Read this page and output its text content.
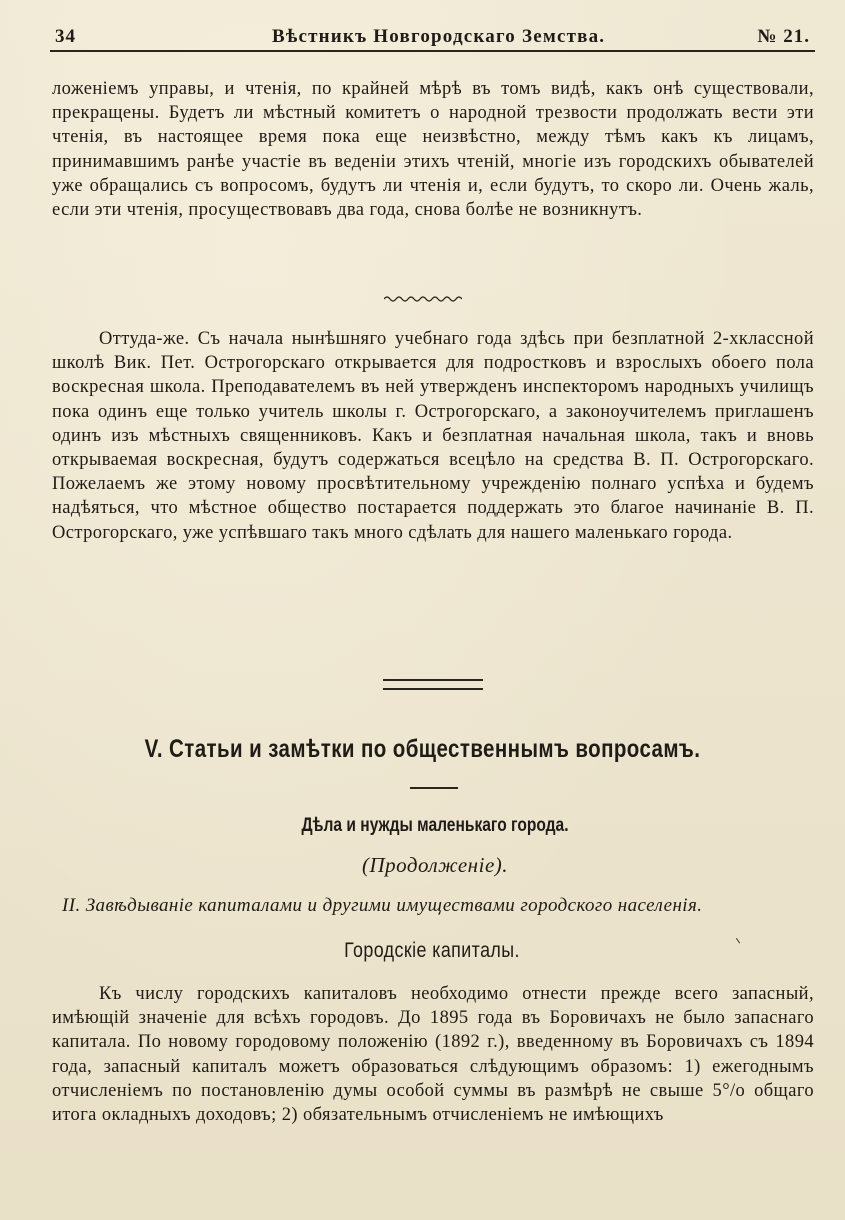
34	Вѣстникъ Новгородскаго Земства.	№ 21.
ложенiемъ управы, и чтенiя, по крайней мѣрѣ въ томъ видѣ, какъ онѣ существовали, прекращены. Будетъ ли мѣстный комитетъ о народной трезвости продолжать вести эти чтенiя, въ настоящее время пока еще неизвѣстно, между тѣмъ какъ къ лицамъ, принимавшимъ ранѣе участiе въ веденiи этихъ чтенiй, многiе изъ городскихъ обывателей уже обращались съ вопросомъ, будутъ ли чтенiя и, если будутъ, то скоро ли. Очень жаль, если эти чтенiя, просуществовавъ два года, снова болѣе не возникнутъ.
Оттуда-же. Съ начала нынѣшняго учебнаго года здѣсь при безплатной 2-хклассной школѣ Вик. Пет. Острогорскаго открывается для подростковъ и взрослыхъ обоего пола воскресная школа. Преподавателемъ въ ней утвержденъ инспекторомъ народныхъ училищъ пока одинъ еще только учитель школы г. Острогорскаго, а законоучителемъ приглашенъ одинъ изъ мѣстныхъ священниковъ. Какъ и безплатная начальная школа, такъ и вновь открываемая воскресная, будутъ содержаться всецѣло на средства В. П. Острогорскаго. Пожелаемъ же этому новому просвѣтительному учрежденiю полнаго успѣха и будемъ надѣяться, что мѣстное общество постарается поддержать это благое начинанiе В. П. Острогорскаго, уже успѣвшаго такъ много сдѣлать для нашего маленькаго города.
V. Статьи и замѣтки по общественнымъ вопросамъ.
Дѣла и нужды маленькаго города.
(Продолженiе).
II. Завѣдыванiе капиталами и другими имуществами городского населенiя.
Городскiе капиталы.
Къ числу городскихъ капиталовъ необходимо отнести прежде всего запасный, имѣющiй значенiе для всѣхъ городовъ. До 1895 года въ Боровичахъ не было запаснаго капитала. По новому городовому положенiю (1892 г.), введенному въ Боровичахъ съ 1894 года, запасный капиталъ можетъ образоваться слѣдующимъ образомъ: 1) ежегоднымъ отчисленiемъ по постановленiю думы особой суммы въ размѣрѣ не свыше 5°/о общаго итога окладныхъ доходовъ; 2) обязательнымъ отчисленiемъ не имѣющихъ
